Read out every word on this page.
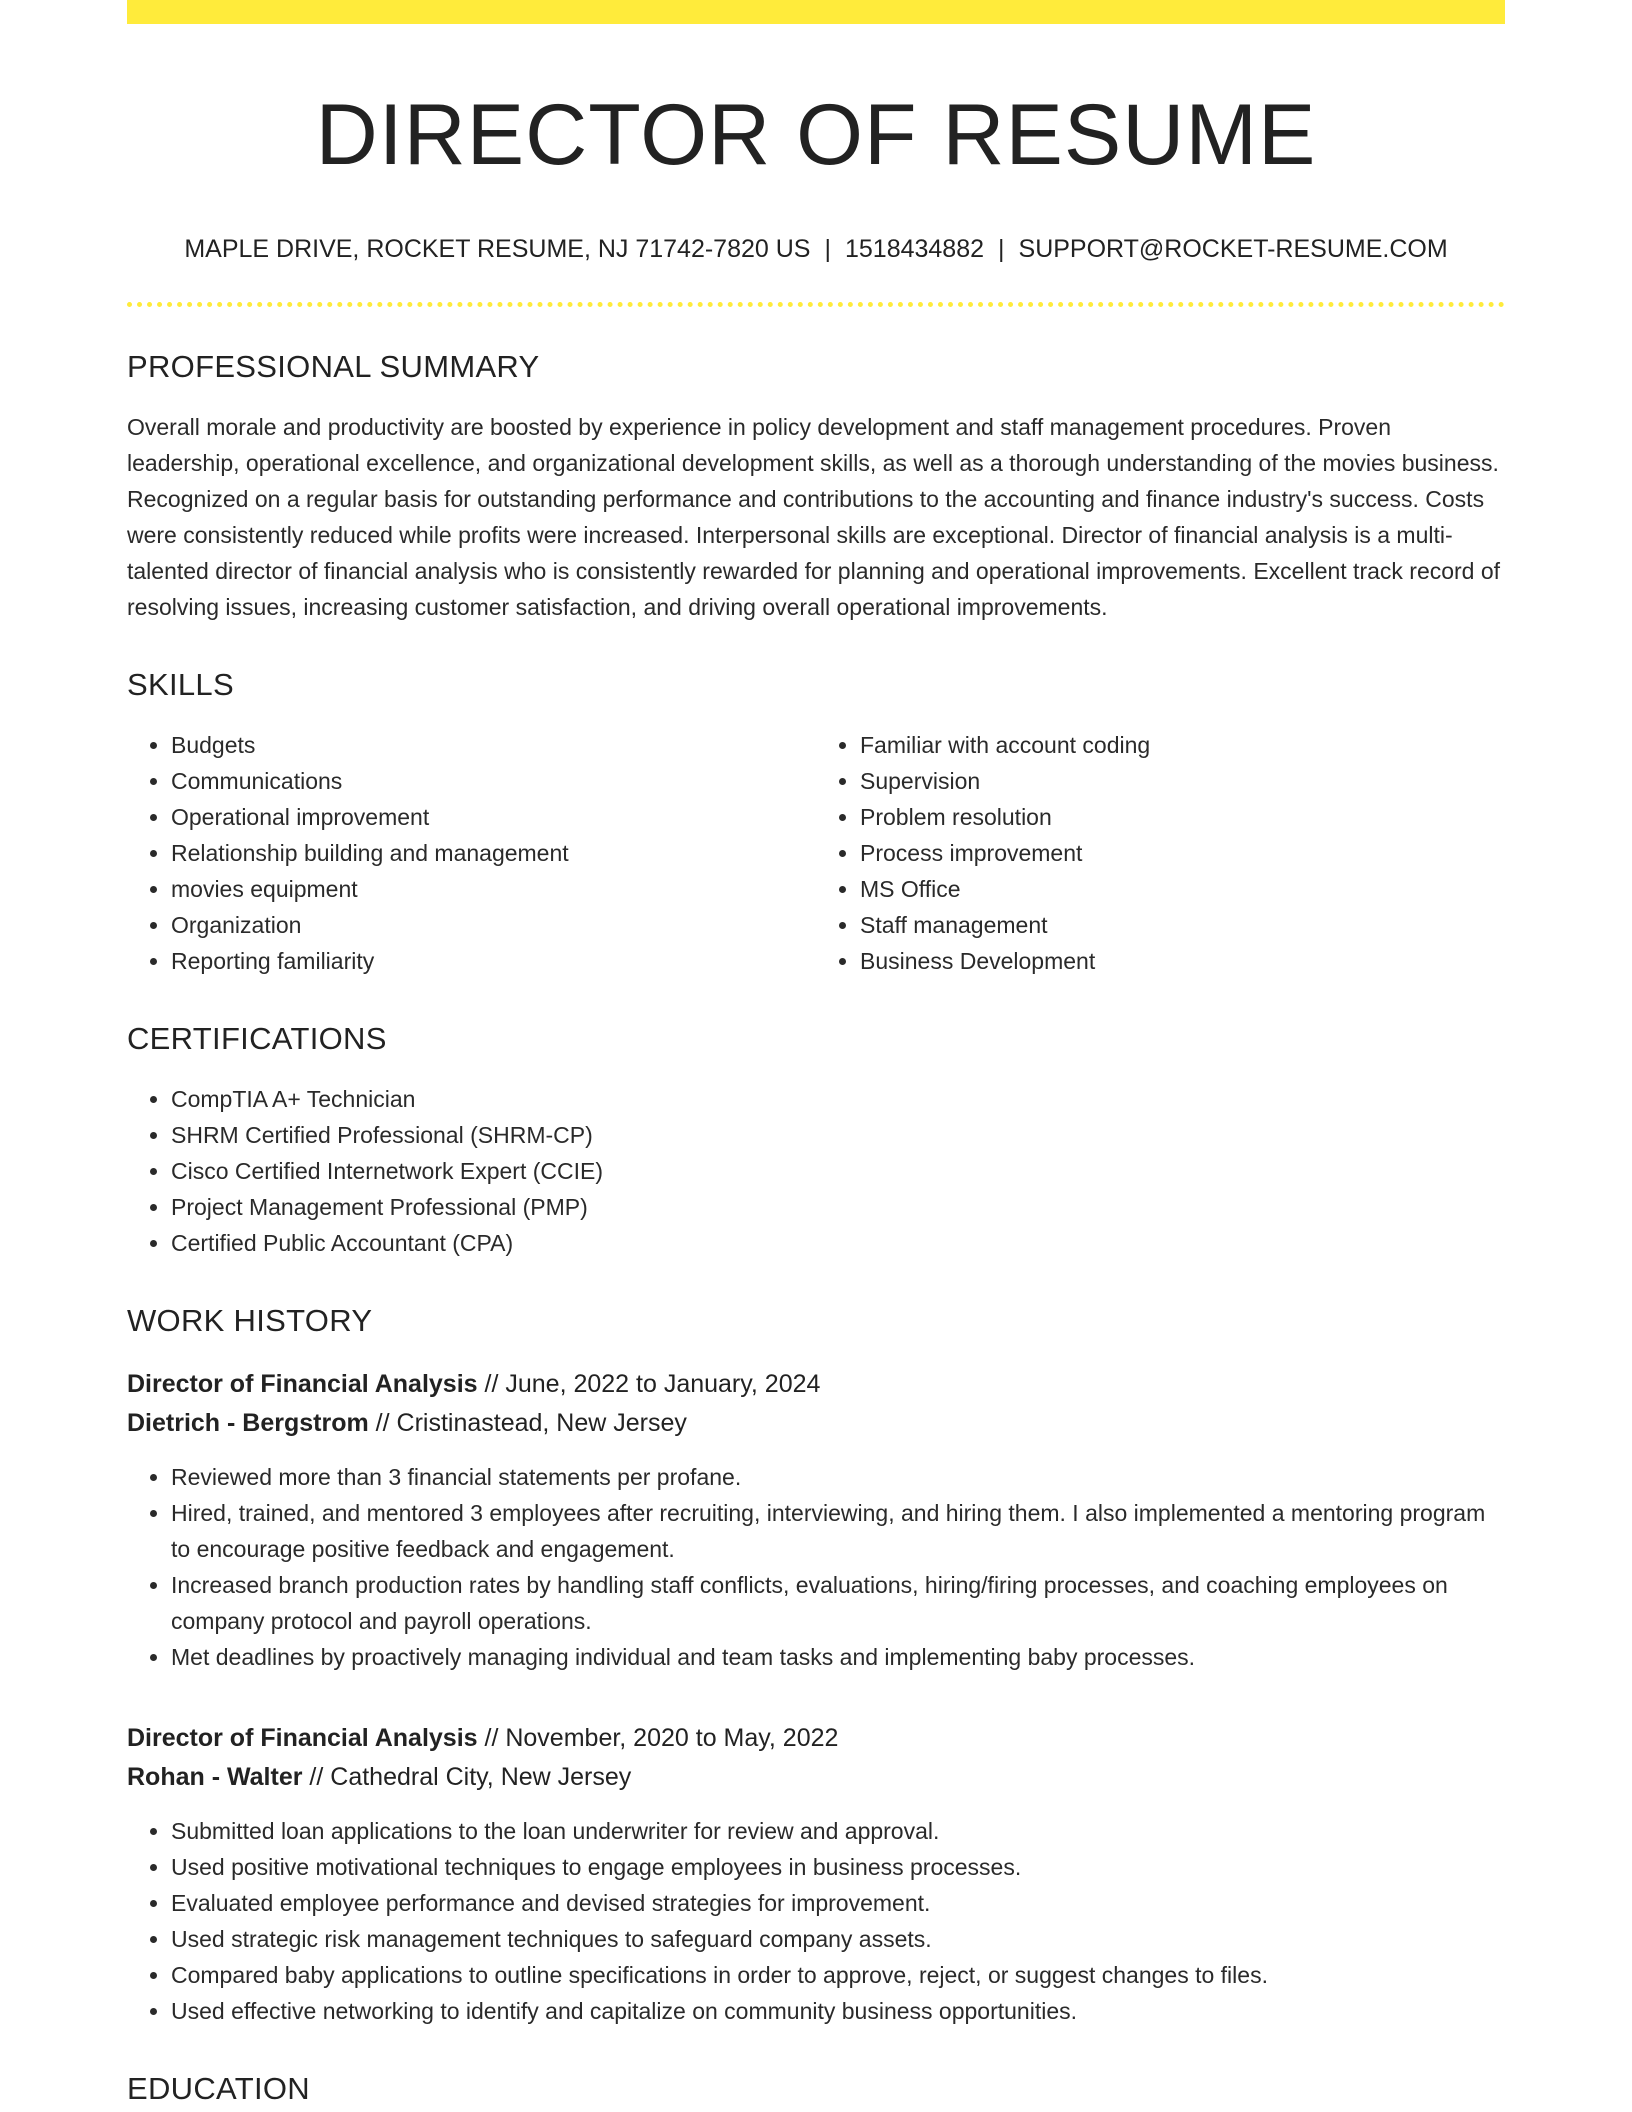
DIRECTOR OF RESUME
MAPLE DRIVE, ROCKET RESUME, NJ 71742-7820 US | 1518434882 | SUPPORT@ROCKET-RESUME.COM
PROFESSIONAL SUMMARY

Overall morale and productivity are boosted by experience in policy development and staff management procedures. Proven leadership, operational excellence, and organizational development skills, as well as a thorough understanding of the movies business. Recognized on a regular basis for outstanding performance and contributions to the accounting and finance industry's success. Costs were consistently reduced while profits were increased. Interpersonal skills are exceptional. Director of financial analysis is a multi-talented director of financial analysis who is consistently rewarded for planning and operational improvements. Excellent track record of resolving issues, increasing customer satisfaction, and driving overall operational improvements.

SKILLS
• Budgets
• Communications
• Operational improvement
• Relationship building and management
• movies equipment
• Organization
• Reporting familiarity
• Familiar with account coding
• Supervision
• Problem resolution
• Process improvement
• MS Office
• Staff management
• Business Development
CERTIFICATIONS
• CompTIA A+ Technician
• SHRM Certified Professional (SHRM-CP)
• Cisco Certified Internetwork Expert (CCIE)
• Project Management Professional (PMP)
• Certified Public Accountant (CPA)
WORK HISTORY
Director of Financial Analysis // June, 2022 to January, 2024
Dietrich - Bergstrom // Cristinastead, New Jersey
• Reviewed more than 3 financial statements per profane.
• Hired, trained, and mentored 3 employees after recruiting, interviewing, and hiring them. I also implemented a mentoring program to encourage positive feedback and engagement.
• Increased branch production rates by handling staff conflicts, evaluations, hiring/firing processes, and coaching employees on company protocol and payroll operations.
• Met deadlines by proactively managing individual and team tasks and implementing baby processes.
Director of Financial Analysis // November, 2020 to May, 2022
Rohan - Walter // Cathedral City, New Jersey
• Submitted loan applications to the loan underwriter for review and approval.
• Used positive motivational techniques to engage employees in business processes.
• Evaluated employee performance and devised strategies for improvement.
• Used strategic risk management techniques to safeguard company assets.
• Compared baby applications to outline specifications in order to approve, reject, or suggest changes to files.
• Used effective networking to identify and capitalize on community business opportunities.
EDUCATION
